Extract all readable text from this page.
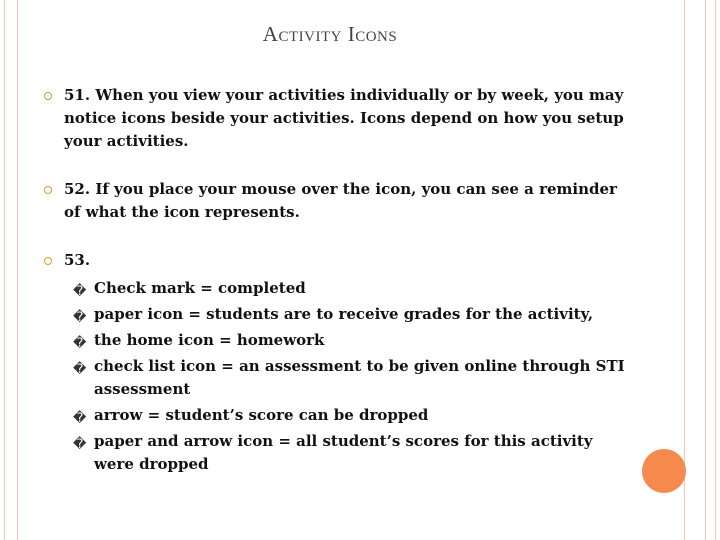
Activity Icons
51. When you view your activities individually or by week, you may notice icons beside your activities. Icons depend on how you setup your activities.
52. If you place your mouse over the icon, you can see a reminder of what the icon represents.
53.
� Check mark = completed
� paper icon = students are to receive grades for the activity,
� the home icon = homework
� check list icon = an assessment to be given online through STI assessment
� arrow = student’s score can be dropped
� paper and arrow icon = all student’s scores for this activity were dropped
